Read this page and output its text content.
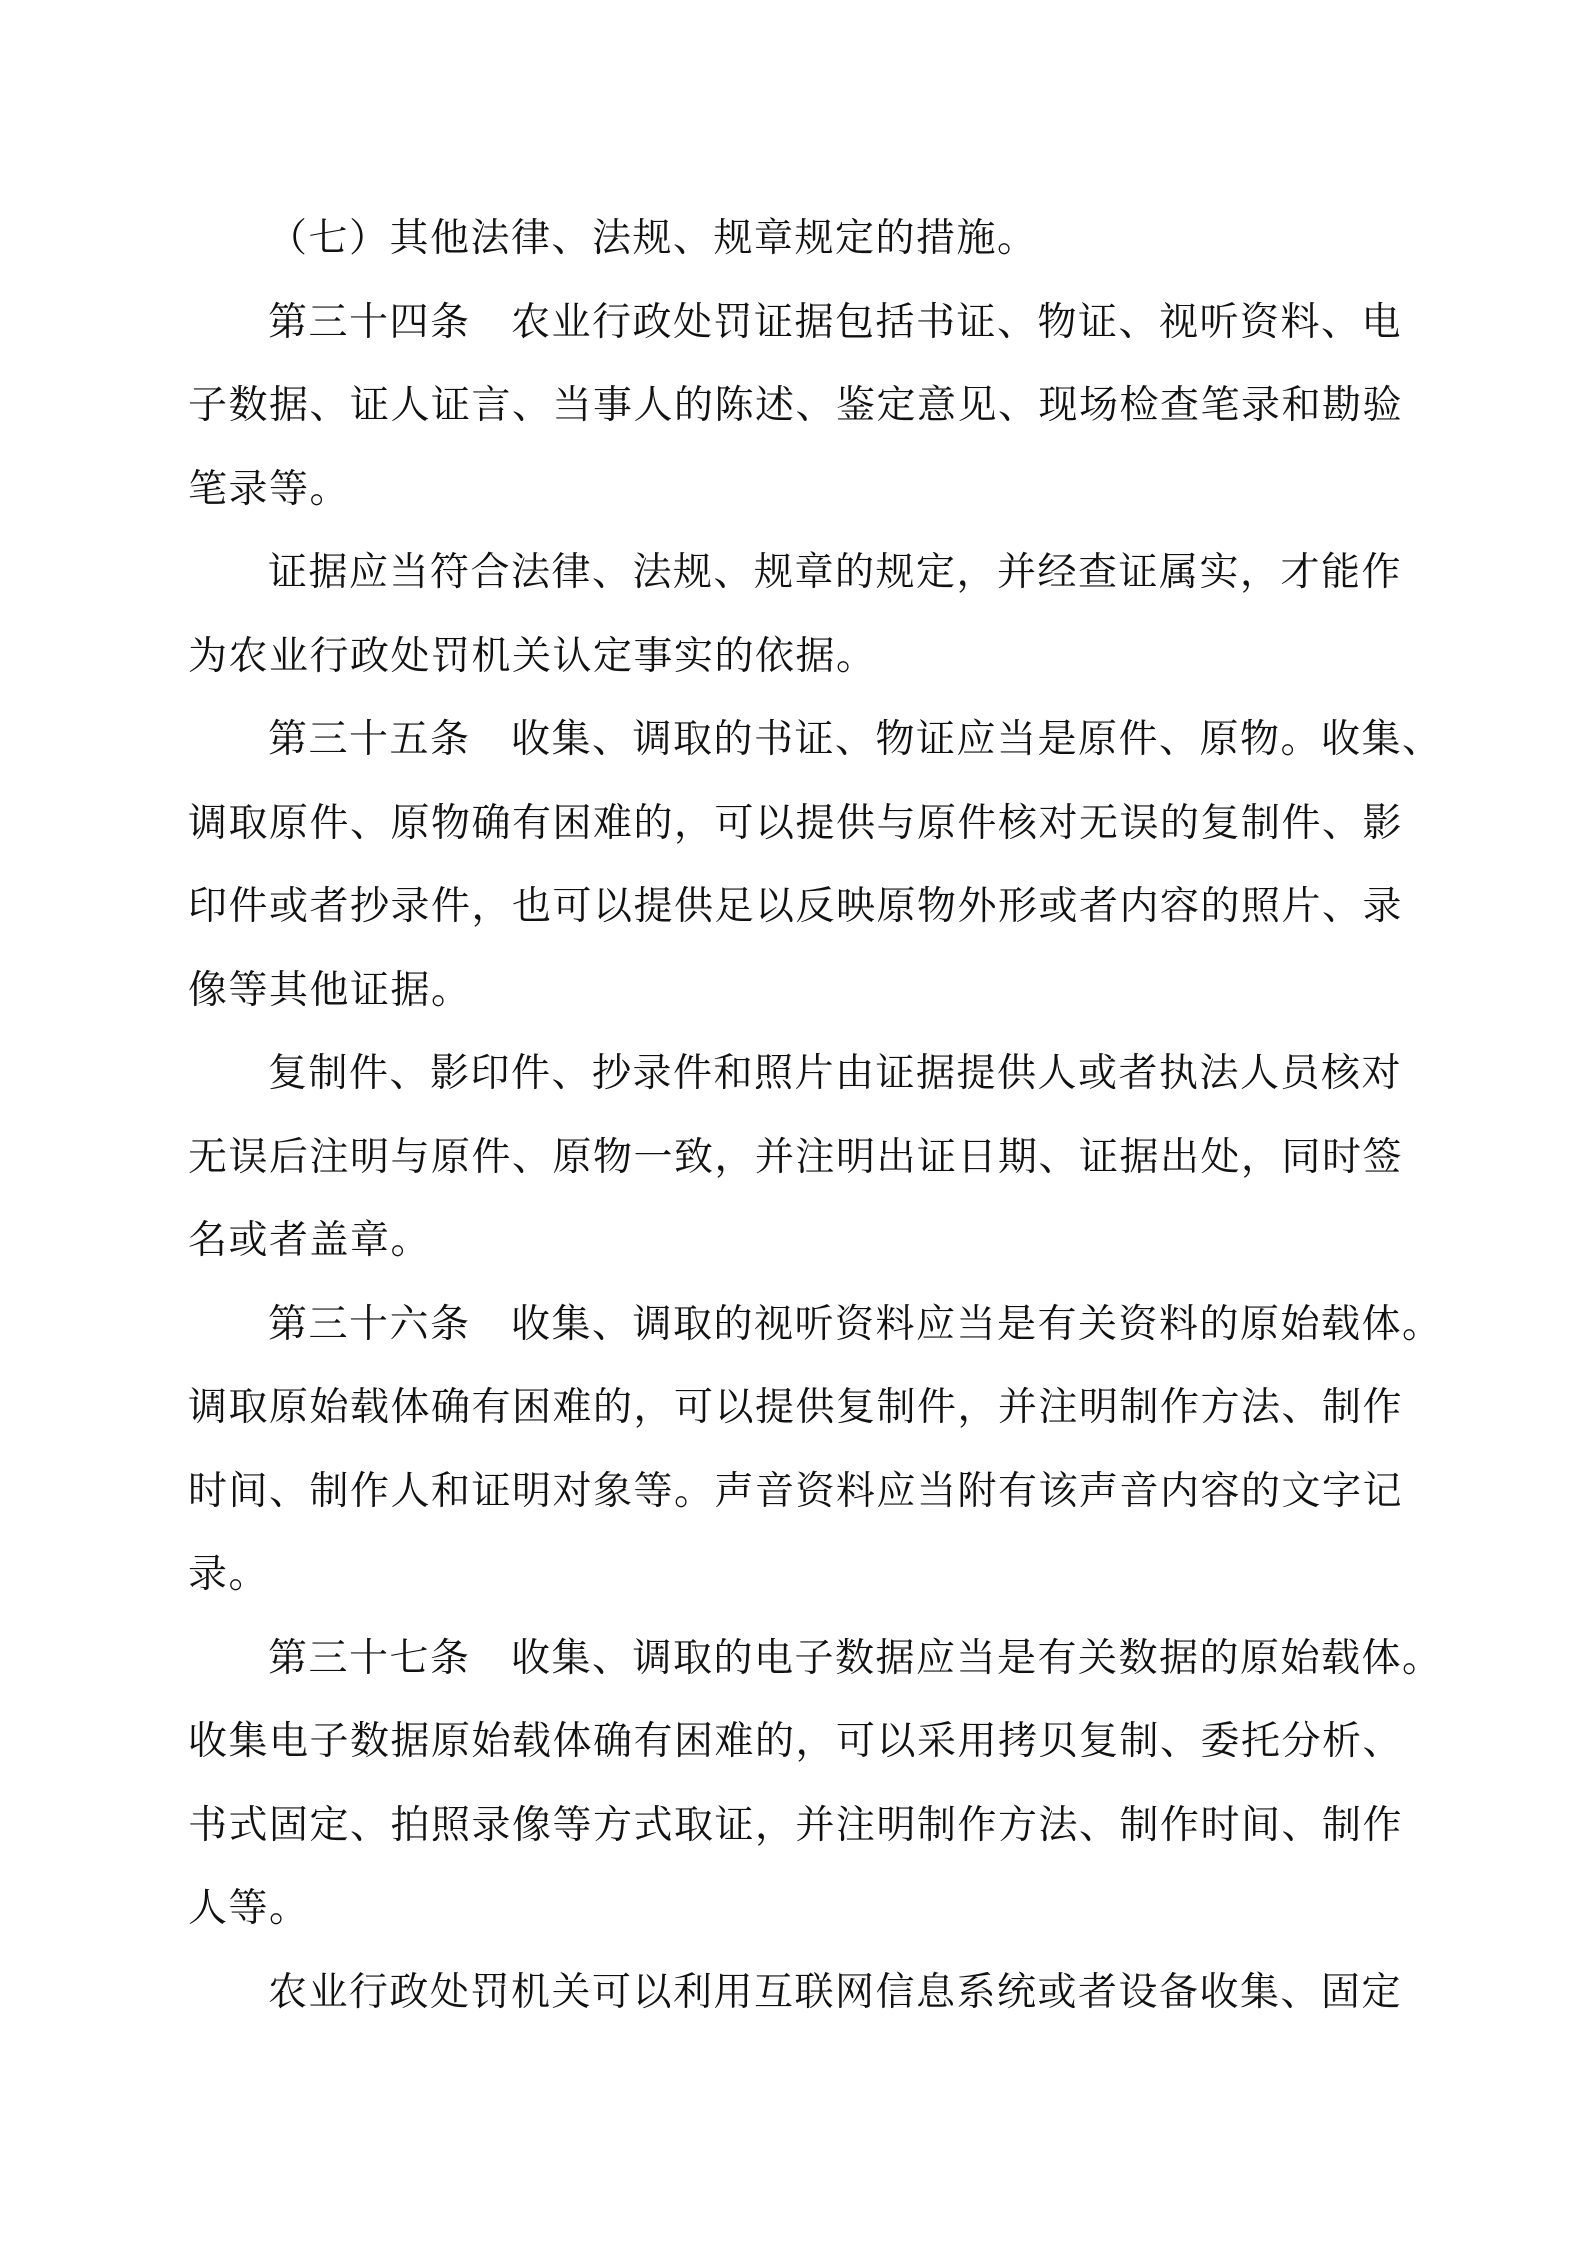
（七）其他法律、法规、规章规定的措施。
第三十四条　农业行政处罚证据包括书证、物证、视听资料、电
子数据、证人证言、当事人的陈述、鉴定意见、现场检查笔录和勘验
笔录等。
证据应当符合法律、法规、规章的规定，并经查证属实，才能作
为农业行政处罚机关认定事实的依据。
第三十五条　收集、调取的书证、物证应当是原件、原物。收集、
调取原件、原物确有困难的，可以提供与原件核对无误的复制件、影
印件或者抄录件，也可以提供足以反映原物外形或者内容的照片、录
像等其他证据。
复制件、影印件、抄录件和照片由证据提供人或者执法人员核对
无误后注明与原件、原物一致，并注明出证日期、证据出处，同时签
名或者盖章。
第三十六条　收集、调取的视听资料应当是有关资料的原始载体。
调取原始载体确有困难的，可以提供复制件，并注明制作方法、制作
时间、制作人和证明对象等。声音资料应当附有该声音内容的文字记
录。
第三十七条　收集、调取的电子数据应当是有关数据的原始载体。
收集电子数据原始载体确有困难的，可以采用拷贝复制、委托分析、
书式固定、拍照录像等方式取证，并注明制作方法、制作时间、制作
人等。
农业行政处罚机关可以利用互联网信息系统或者设备收集、固定
